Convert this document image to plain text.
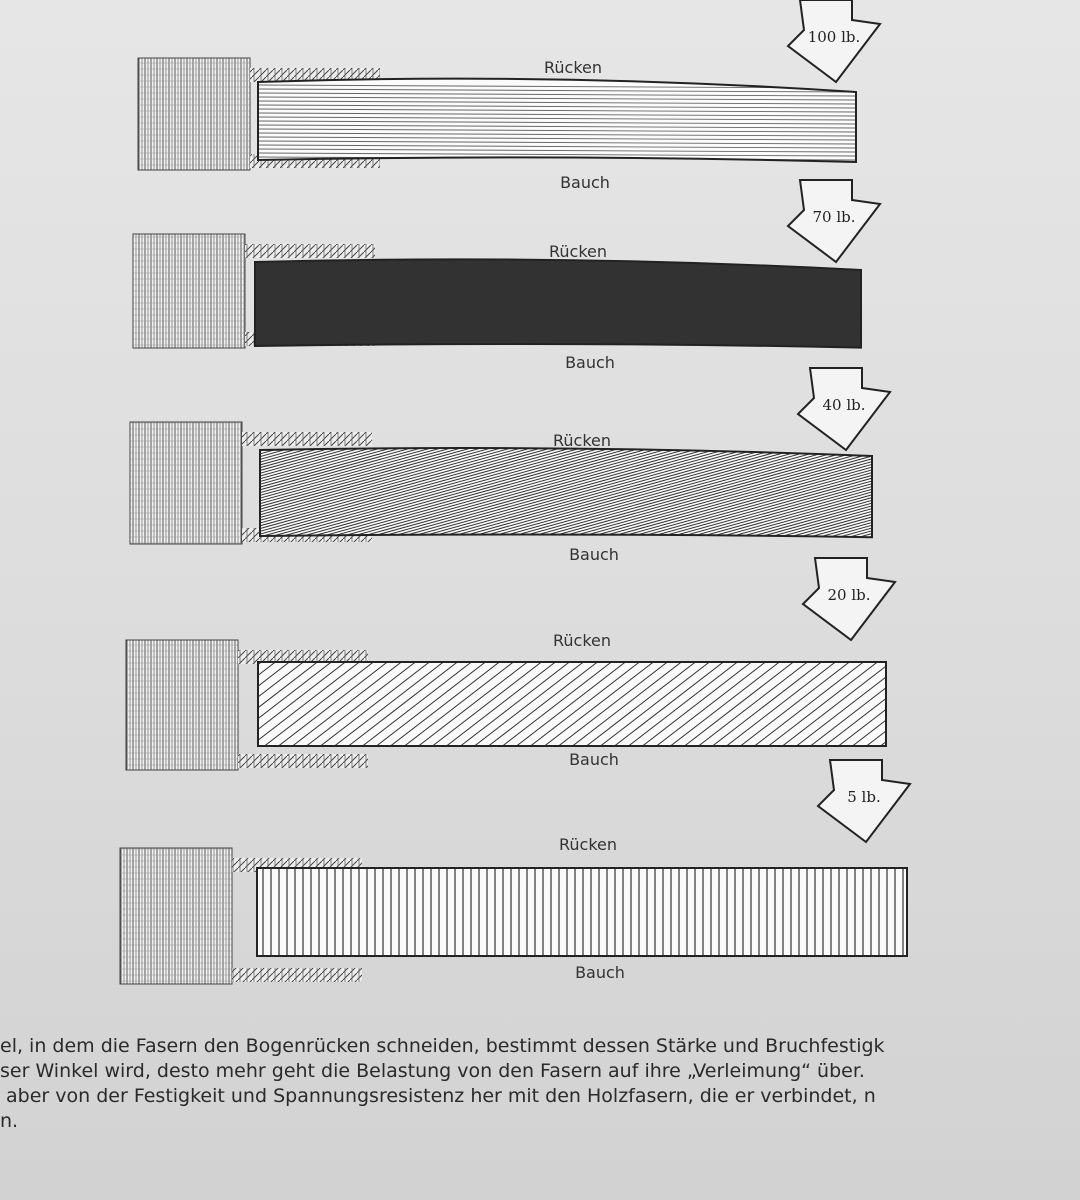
Rücken
Bauch
100 lb.
Rücken
Bauch
70 lb.
Rücken
Bauch
40 lb.
Rücken
Bauch
20 lb.
Rücken
Bauch
5 lb.
el, in dem die Fasern den Bogenrücken schneiden, bestimmt dessen Stärke und Bruchfestigk
ser Winkel wird, desto mehr geht die Belastung von den Fasern auf ihre „Verleimung“ über.
aber von der Festigkeit und Spannungsresistenz her mit den Holzfasern, die er verbindet, n
n.
